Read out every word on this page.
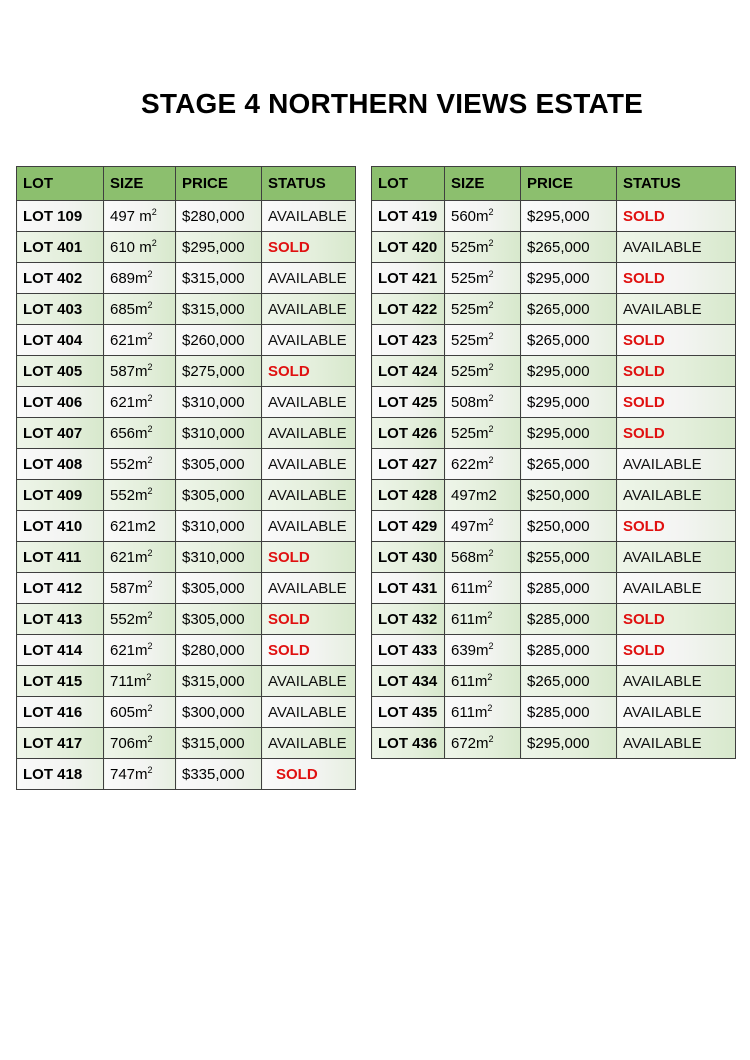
STAGE 4 NORTHERN VIEWS ESTATE
LOT	SIZE	PRICE	STATUS
LOT 109	497 $m^2$	$280,000	AVAILABLE
LOT 401	610 $m^2$	$295,000	SOLD
LOT 402	$689m^2$	$315,000	AVAILABLE
LOT 403	$685m^2$	$315,000	AVAILABLE
LOT 404	$621m^2$	$260,000	AVAILABLE
LOT 405	$587m^2$	$275,000	SOLD
LOT 406	$621m^2$	$310,000	AVAILABLE
LOT 407	$656m^2$	$310,000	AVAILABLE
LOT 408	$552m^2$	$305,000	AVAILABLE
LOT 409	$552m^2$	$305,000	AVAILABLE
LOT 410	621m2	$310,000	AVAILABLE
LOT 411	$621m^2$	$310,000	SOLD
LOT 412	$587m^2$	$305,000	AVAILABLE
LOT 413	$552m^2$	$305,000	SOLD
LOT 414	$621m^2$	$280,000	SOLD
LOT 415	$711m^2$	$315,000	AVAILABLE
LOT 416	$605m^2$	$300,000	AVAILABLE
LOT 417	$706m^2$	$315,000	AVAILABLE
LOT 418	$747m^2$	$335,000	SOLD
LOT	SIZE	PRICE	STATUS
LOT 419	$560m^2$	$295,000	SOLD
LOT 420	$525m^2$	$265,000	AVAILABLE
LOT 421	$525m^2$	$295,000	SOLD
LOT 422	$525m^2$	$265,000	AVAILABLE
LOT 423	$525m^2$	$265,000	SOLD
LOT 424	$525m^2$	$295,000	SOLD
LOT 425	$508m^2$	$295,000	SOLD
LOT 426	$525m^2$	$295,000	SOLD
LOT 427	$622m^2$	$265,000	AVAILABLE
LOT 428	497m2	$250,000	AVAILABLE
LOT 429	$497m^2$	$250,000	SOLD
LOT 430	$568m^2$	$255,000	AVAILABLE
LOT 431	$611m^2$	$285,000	AVAILABLE
LOT 432	$611m^2$	$285,000	SOLD
LOT 433	$639m^2$	$285,000	SOLD
LOT 434	$611m^2$	$265,000	AVAILABLE
LOT 435	$611m^2$	$285,000	AVAILABLE
LOT 436	$672m^2$	$295,000	AVAILABLE
